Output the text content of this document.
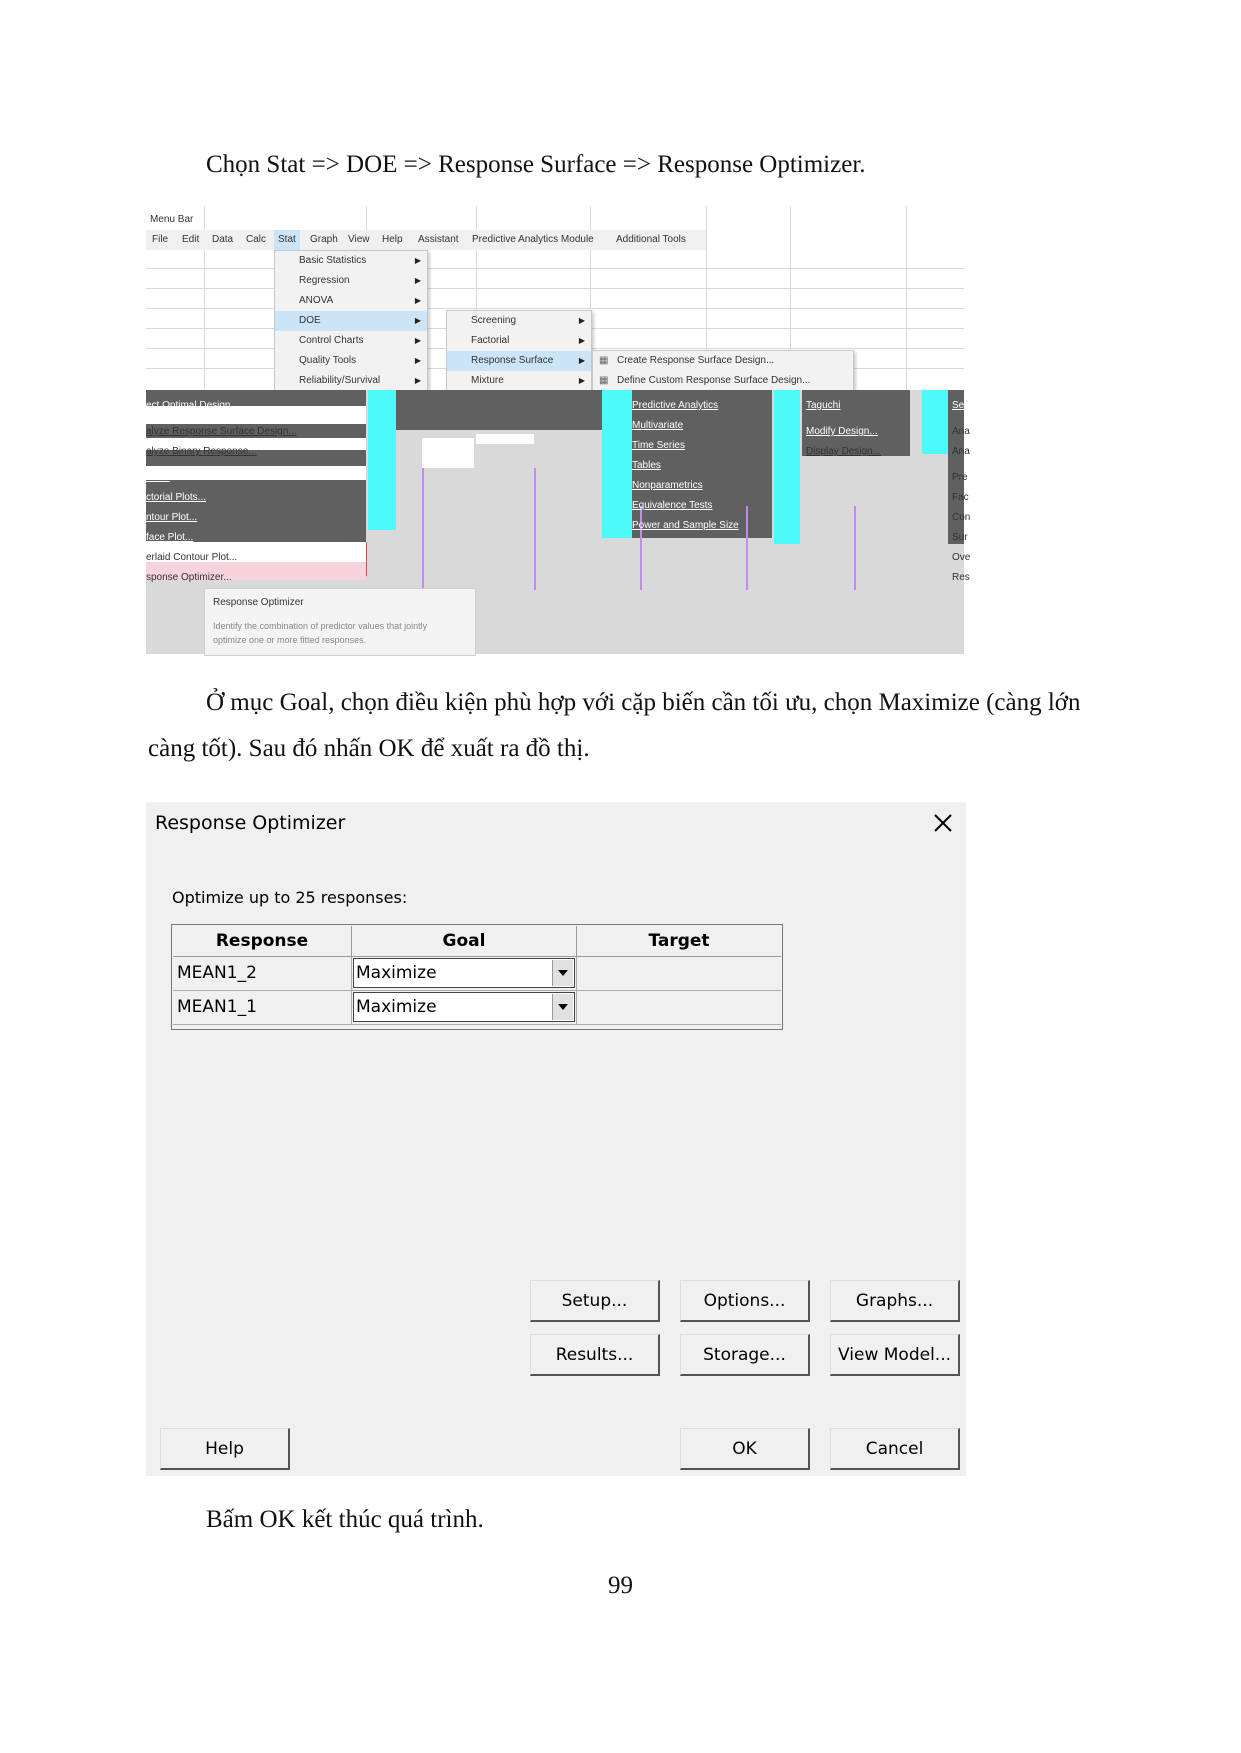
Chọn Stat => DOE => Response Surface => Response Optimizer.

Menu Bar
File Edit Data Calc	Stat	Graph View Help Assistant Predictive Analytics Module Additional Tools
Basic Statistics	▶
Regression	▶
ANOVA	▶
DOE	▶
Control Charts	▶
Quality Tools	▶
Reliability/Survival	▶
Screening	▶
Factorial	▶
Response Surface	▶
Mixture	▶
▦ Create Response Surface Design...
▦ Define Custom Response Surface Design...
ect Optimal Design...
alyze Response Surface Design...
alyze Binary Response...
dict...
ctorial Plots...
ntour Plot...
face Plot...
erlaid Contour Plot...
sponse Optimizer...
Predictive Analytics
Multivariate
Time Series
Tables
Nonparametrics
Equivalence Tests
Power and Sample Size
Taguchi
Modify Design...
Display Design...
Sel
Ana
Ana
Pre
Fac
Con
Sur
Ove
Res
Response Optimizer
Identify the combination of predictor values that jointly optimize one or more fitted responses.

Ở mục Goal, chọn điều kiện phù hợp với cặp biến cần tối ưu, chọn Maximize (càng lớn càng tốt). Sau đó nhấn OK để xuất ra đồ thị.

Response Optimizer
Optimize up to 25 responses:
Response	Goal	Target
MEAN1_2	Maximize
MEAN1_1	Maximize
Setup...	Options...	Graphs...
Results...	Storage...	View Model...
Help	OK	Cancel

Bấm OK kết thúc quá trình.

99
